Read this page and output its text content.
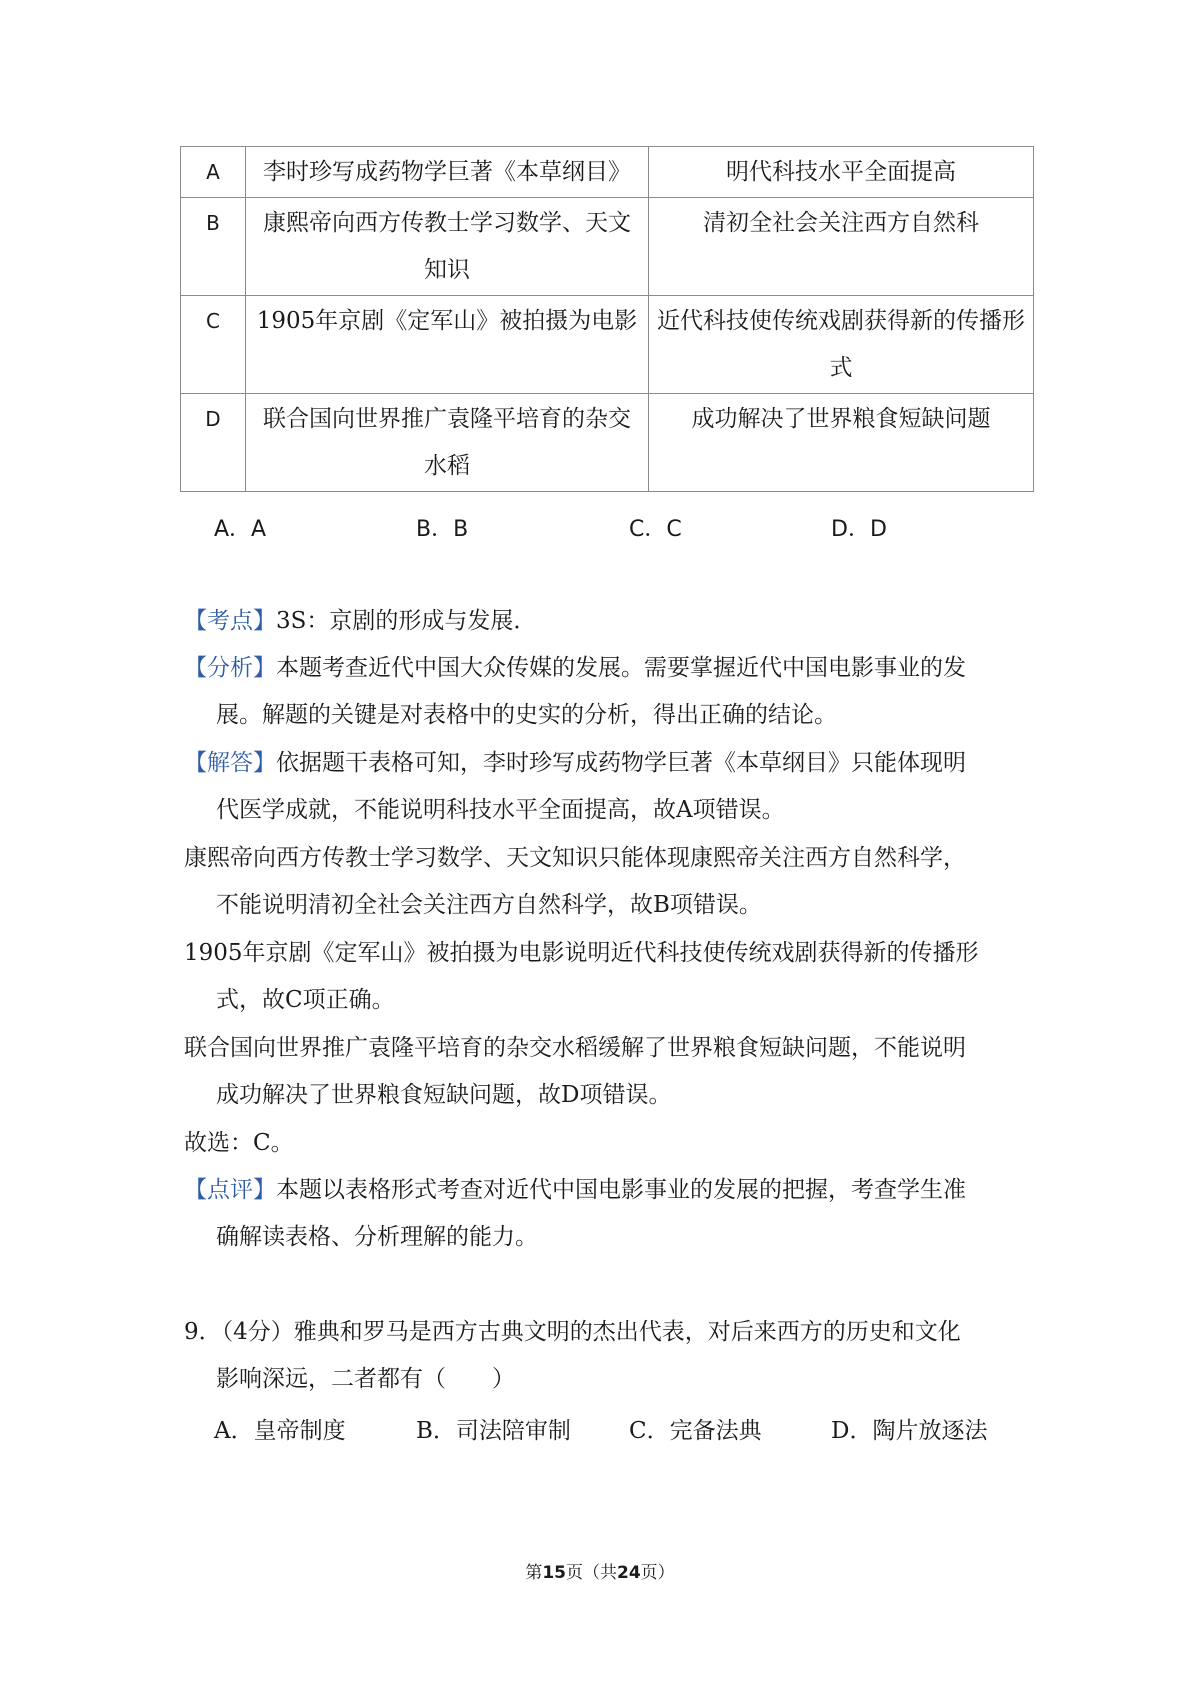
A	李时珍写成药物学巨著《本草纲目》	明代科技水平全面提高
B	康熙帝向西方传教士学习数学、天文知识	清初全社会关注西方自然科
C	1905年京剧《定军山》被拍摄为电影	近代科技使传统戏剧获得新的传播形式
D	联合国向世界推广袁隆平培育的杂交水稻	成功解决了世界粮食短缺问题
A．A	B．B	C．C	D．D
【考点】3S：京剧的形成与发展．
【分析】本题考查近代中国大众传媒的发展。需要掌握近代中国电影事业的发
展。解题的关键是对表格中的史实的分析，得出正确的结论。
【解答】依据题干表格可知，李时珍写成药物学巨著《本草纲目》只能体现明
代医学成就，不能说明科技水平全面提高，故A项错误。
康熙帝向西方传教士学习数学、天文知识只能体现康熙帝关注西方自然科学，
不能说明清初全社会关注西方自然科学，故B项错误。
1905年京剧《定军山》被拍摄为电影说明近代科技使传统戏剧获得新的传播形
式，故C项正确。
联合国向世界推广袁隆平培育的杂交水稻缓解了世界粮食短缺问题，不能说明
成功解决了世界粮食短缺问题，故D项错误。
故选：C。
【点评】本题以表格形式考查对近代中国电影事业的发展的把握，考查学生准
确解读表格、分析理解的能力。
9．（4分）雅典和罗马是西方古典文明的杰出代表，对后来西方的历史和文化
影响深远，二者都有（　　）
A．皇帝制度	B．司法陪审制	C．完备法典	D．陶片放逐法
第15页（共24页）
